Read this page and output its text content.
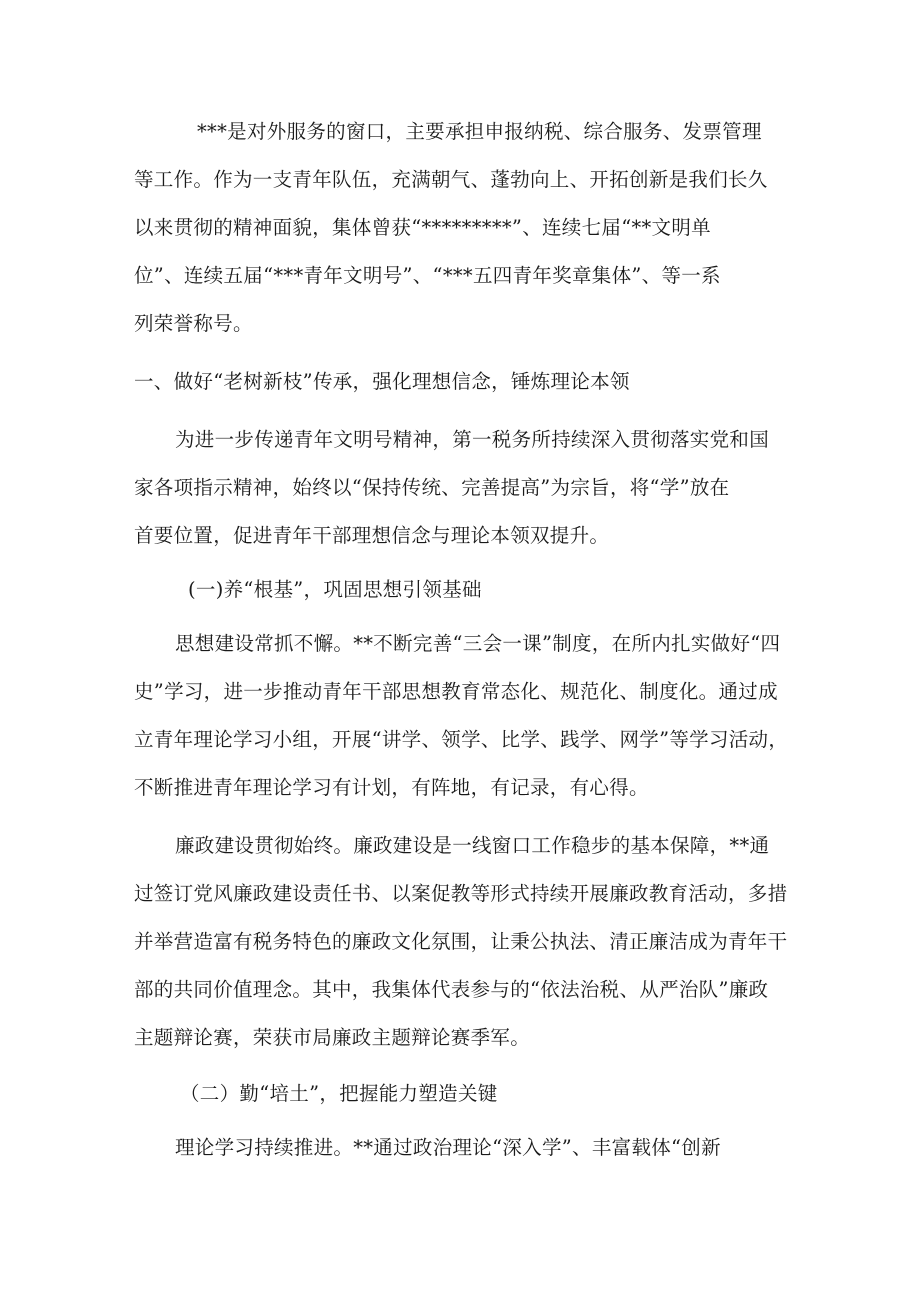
***是对外服务的窗口，主要承担申报纳税、综合服务、发票管理

等工作。作为一支青年队伍，充满朝气、蓬勃向上、开拓创新是我们长久

以来贯彻的精神面貌，集体曾获“*********”、连续七届“**文明单

位”、连续五届“***青年文明号”、“***五四青年奖章集体”、等一系

列荣誉称号。

一、做好“老树新枝”传承，强化理想信念，锤炼理论本领

为进一步传递青年文明号精神，第一税务所持续深入贯彻落实党和国

家各项指示精神，始终以“保持传统、完善提高”为宗旨，将“学”放在

首要位置，促进青年干部理想信念与理论本领双提升。

(一)养“根基”，巩固思想引领基础

思想建设常抓不懈。**不断完善“三会一课”制度，在所内扎实做好“四

史”学习，进一步推动青年干部思想教育常态化、规范化、制度化。通过成

立青年理论学习小组，开展“讲学、领学、比学、践学、网学”等学习活动，

不断推进青年理论学习有计划，有阵地，有记录，有心得。

廉政建设贯彻始终。廉政建设是一线窗口工作稳步的基本保障，**通

过签订党风廉政建设责任书、以案促教等形式持续开展廉政教育活动，多措

并举营造富有税务特色的廉政文化氛围，让秉公执法、清正廉洁成为青年干

部的共同价值理念。其中，我集体代表参与的“依法治税、从严治队”廉政

主题辩论赛，荣获市局廉政主题辩论赛季军。

（二）勤“培土”，把握能力塑造关键

理论学习持续推进。**通过政治理论“深入学”、丰富载体“创新
